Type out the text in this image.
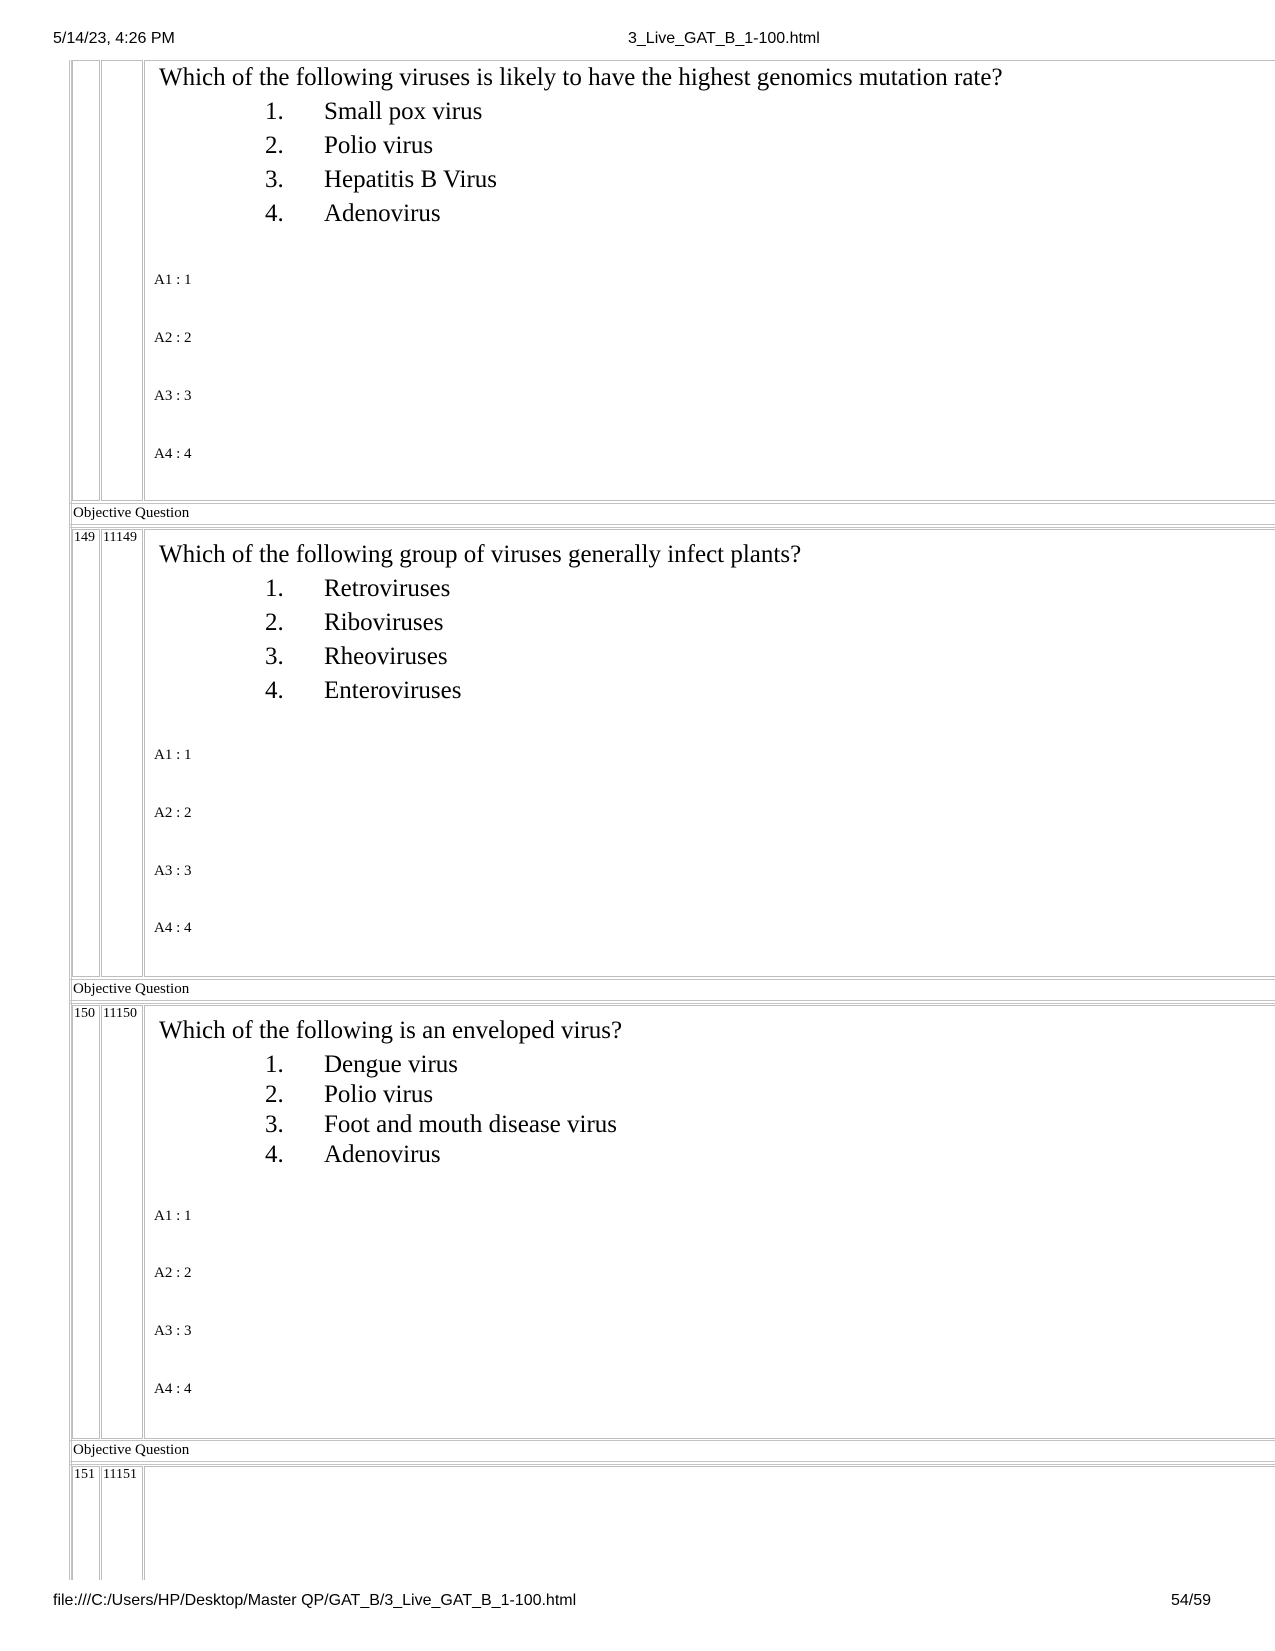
5/14/23, 4:26 PM	3_Live_GAT_B_1-100.html
Which of the following viruses is likely to have the highest genomics mutation rate?
1. Small pox virus
2. Polio virus
3. Hepatitis B Virus
4. Adenovirus
A1 : 1
A2 : 2
A3 : 3
A4 : 4
Objective Question
149 11149
Which of the following group of viruses generally infect plants?
1. Retroviruses
2. Riboviruses
3. Rheoviruses
4. Enteroviruses
A1 : 1
A2 : 2
A3 : 3
A4 : 4
Objective Question
150 11150
Which of the following is an enveloped virus?
1. Dengue virus
2. Polio virus
3. Foot and mouth disease virus
4. Adenovirus
A1 : 1
A2 : 2
A3 : 3
A4 : 4
Objective Question
151 11151
file:///C:/Users/HP/Desktop/Master QP/GAT_B/3_Live_GAT_B_1-100.html	54/59
